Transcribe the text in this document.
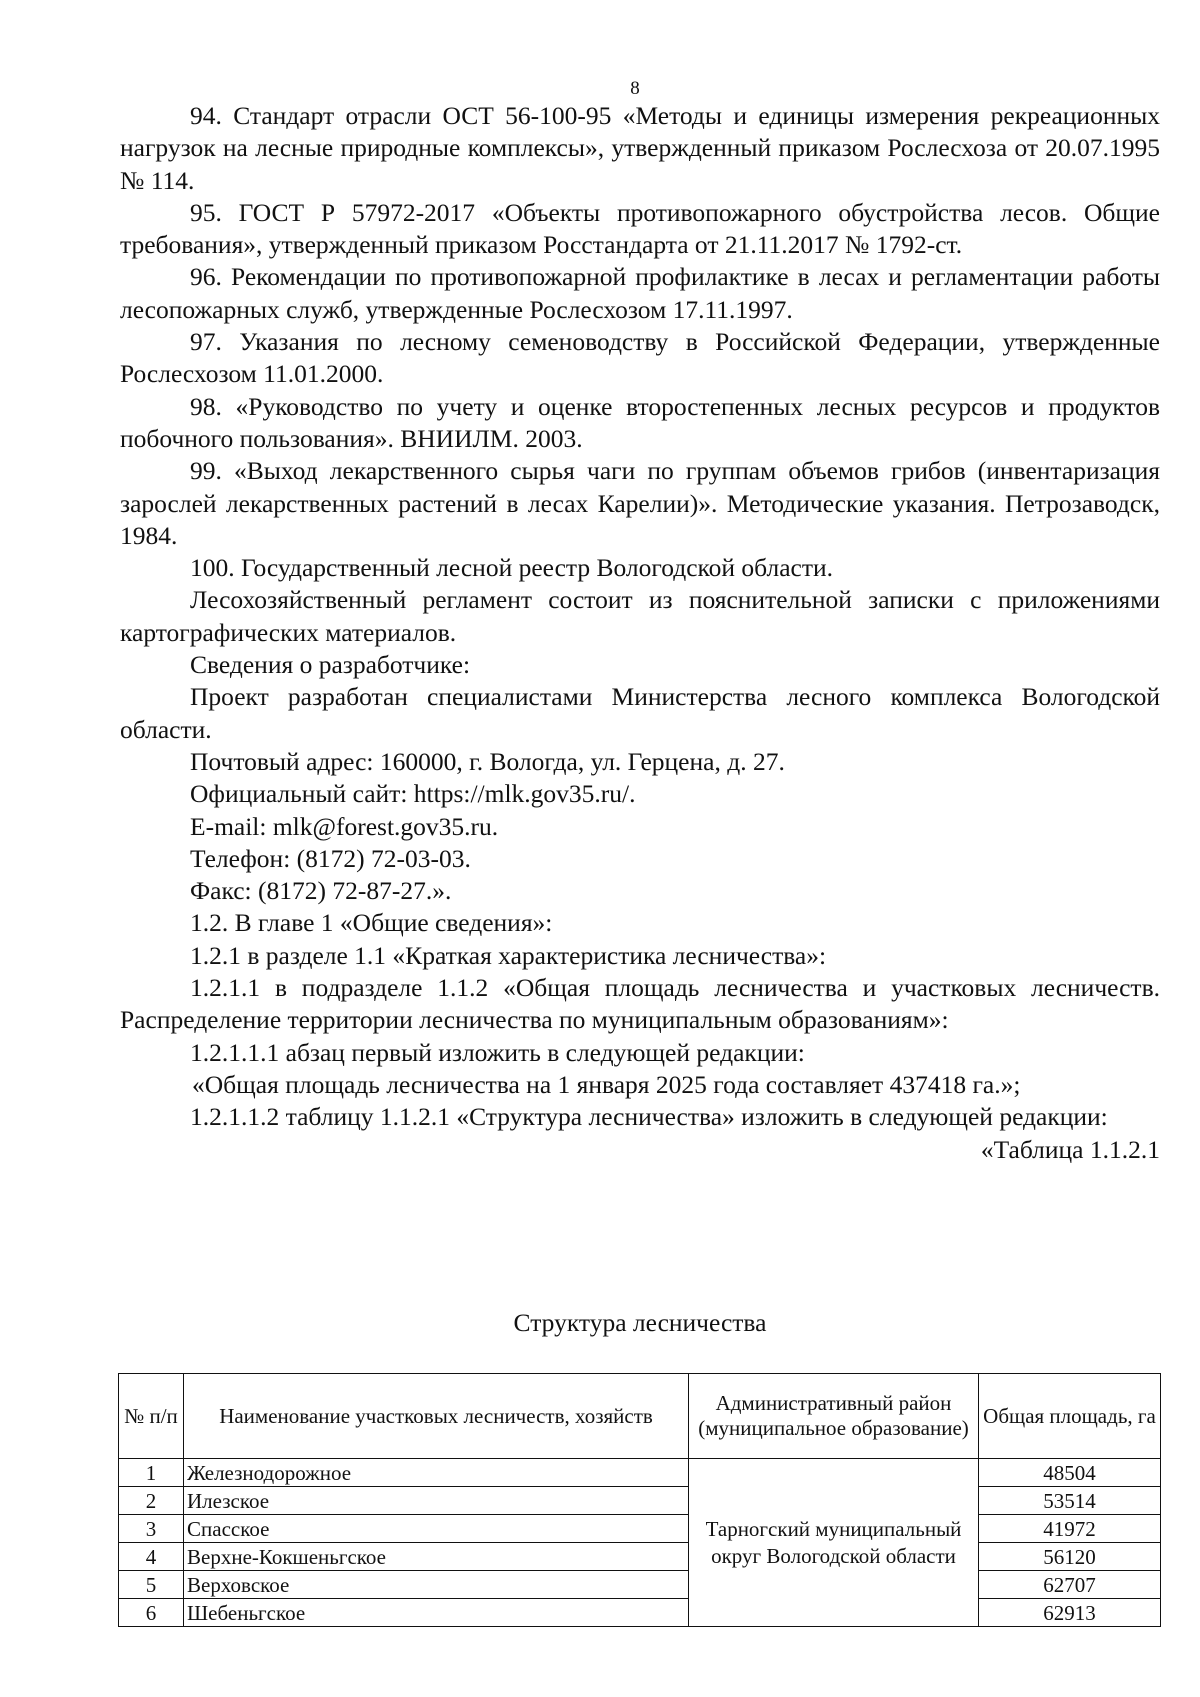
8

94. Стандарт отрасли ОСТ 56-100-95 «Методы и единицы измерения рекреационных нагрузок на лесные природные комплексы», утвержденный приказом Рослесхоза от 20.07.1995 № 114.

95. ГОСТ Р 57972-2017 «Объекты противопожарного обустройства лесов. Общие требования», утвержденный приказом Росстандарта от 21.11.2017 № 1792-ст.

96. Рекомендации по противопожарной профилактике в лесах и регламентации работы лесопожарных служб, утвержденные Рослесхозом 17.11.1997.

97. Указания по лесному семеноводству в Российской Федерации, утвержденные Рослесхозом 11.01.2000.

98. «Руководство по учету и оценке второстепенных лесных ресурсов и продуктов побочного пользования». ВНИИЛМ. 2003.

99. «Выход лекарственного сырья чаги по группам объемов грибов (инвентаризация зарослей лекарственных растений в лесах Карелии)». Методические указания. Петрозаводск, 1984.

100. Государственный лесной реестр Вологодской области.

Лесохозяйственный регламент состоит из пояснительной записки с приложениями картографических материалов.

Сведения о разработчике:

Проект разработан специалистами Министерства лесного комплекса Вологодской области.

Почтовый адрес: 160000, г. Вологда, ул. Герцена, д. 27.

Официальный сайт: https://mlk.gov35.ru/.

E-mail: mlk@forest.gov35.ru.

Телефон: (8172) 72-03-03.

Факс: (8172) 72-87-27.».

1.2. В главе 1 «Общие сведения»:

1.2.1 в разделе 1.1 «Краткая характеристика лесничества»:

1.2.1.1 в подразделе 1.1.2 «Общая площадь лесничества и участковых лесничеств. Распределение территории лесничества по муниципальным образованиям»:

1.2.1.1.1 абзац первый изложить в следующей редакции:

«Общая площадь лесничества на 1 января 2025 года составляет 437418 га.»;

1.2.1.1.2 таблицу 1.1.2.1 «Структура лесничества» изложить в следующей редакции:

«Таблица 1.1.2.1

Структура лесничества
№ п/п	Наименование участковых лесничеств, хозяйств	Административный район (муниципальное образование)	Общая площадь, га
1	Железнодорожное	Тарногский муниципальный округ Вологодской области	48504
2	Илезское		53514
3	Спасское		41972
4	Верхне-Кокшеньгское		56120
5	Верховское		62707
6	Шебеньгское		62913
